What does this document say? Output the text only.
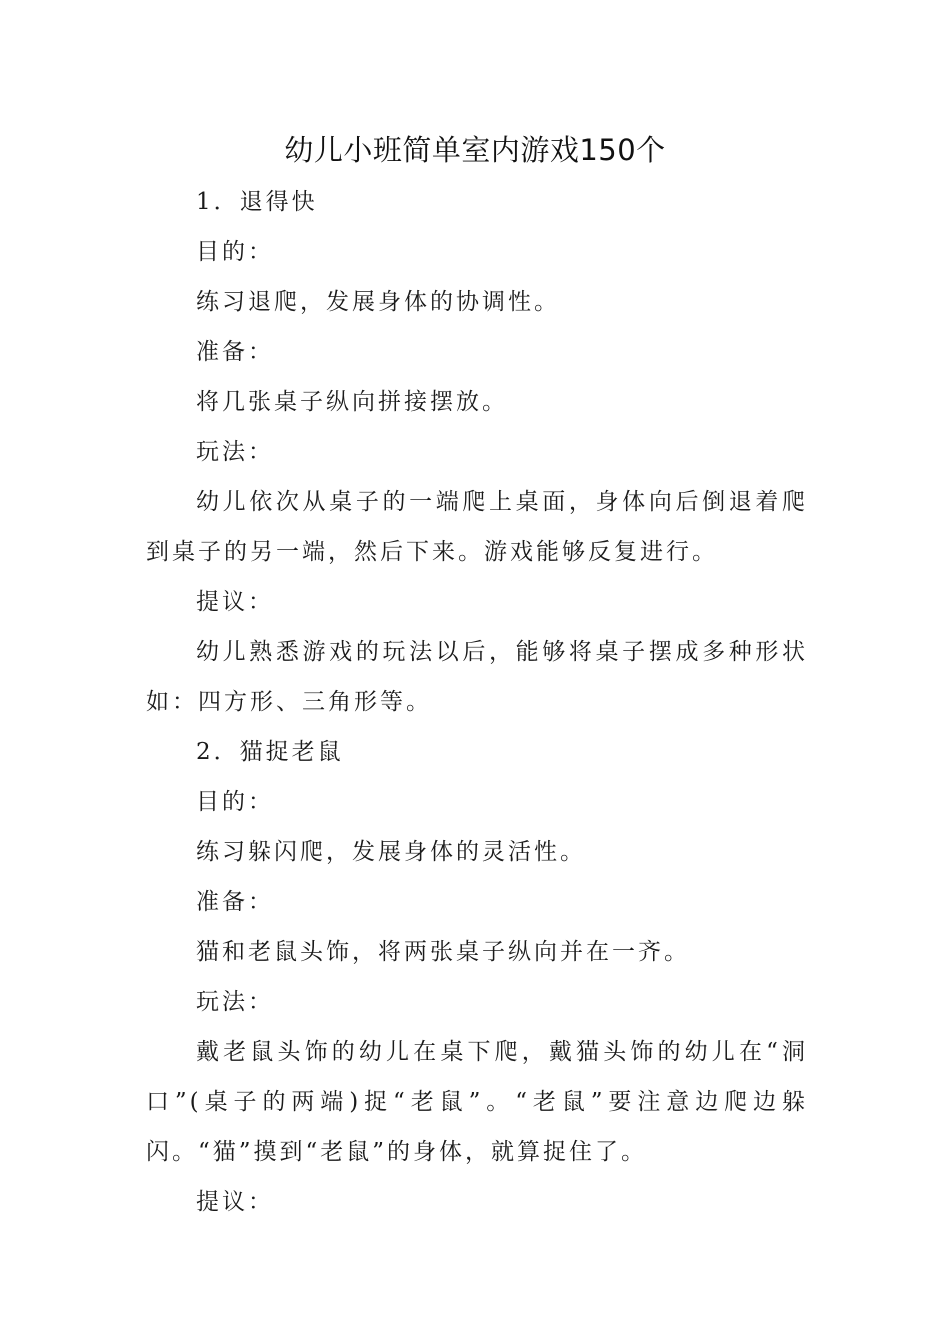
幼儿小班简单室内游戏150个

1．退得快

目的：

练习退爬，发展身体的协调性。

准备：

将几张桌子纵向拼接摆放。

玩法：

幼儿依次从桌子的一端爬上桌面，身体向后倒退着爬到桌子的另一端，然后下来。游戏能够反复进行。

提议：

幼儿熟悉游戏的玩法以后，能够将桌子摆成多种形状如：四方形、三角形等。

2．猫捉老鼠

目的：

练习躲闪爬，发展身体的灵活性。

准备：

猫和老鼠头饰，将两张桌子纵向并在一齐。

玩法：

戴老鼠头饰的幼儿在桌下爬，戴猫头饰的幼儿在“洞口”(桌子的两端)捉“老鼠”。“老鼠”要注意边爬边躲闪。“猫”摸到“老鼠”的身体，就算捉住了。

提议：
